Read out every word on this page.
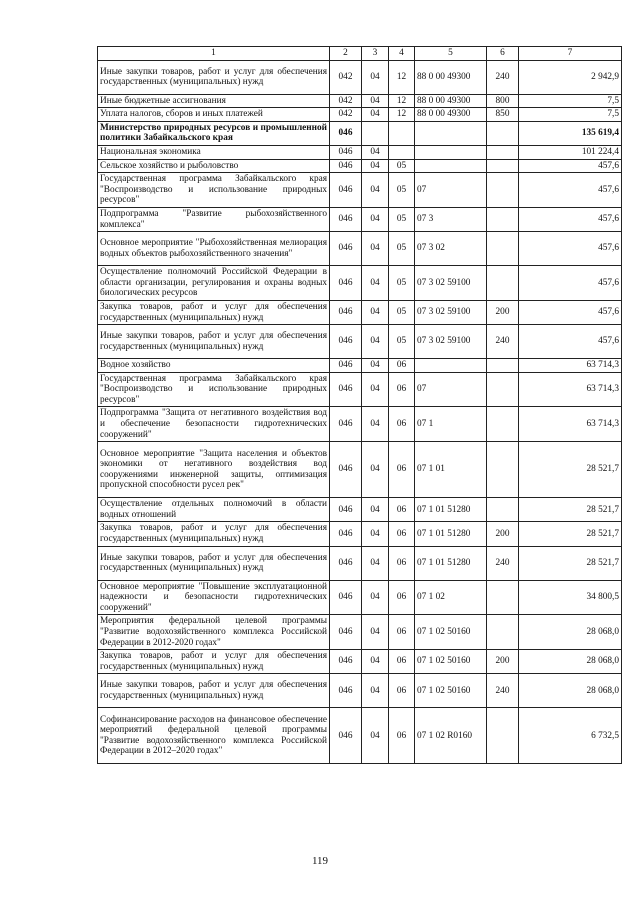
1	2	3	4	5	6	7
Иные закупки товаров, работ и услуг для обеспечения государственных (муниципальных) нужд	042	04	12	88 0 00 49300	240	2 942,9
Иные бюджетные ассигнования	042	04	12	88 0 00 49300	800	7,5
Уплата налогов, сборов и иных платежей	042	04	12	88 0 00 49300	850	7,5
Министерство природных ресурсов и промышленной политики Забайкальского края	046					135 619,4
Национальная экономика	046	04				101 224,4
Сельское хозяйство и рыболовство	046	04	05			457,6
Государственная программа Забайкальского края "Воспроизводство и использование природных ресурсов"	046	04	05	07		457,6
Подпрограмма "Развитие рыбохозяйственного комплекса"	046	04	05	07 3		457,6
Основное мероприятие "Рыбохозяйственная мелиорация водных объектов рыбохозяйственного значения"	046	04	05	07 3 02		457,6
Осуществление полномочий Российской Федерации в области организации, регулирования и охраны водных биологических ресурсов	046	04	05	07 3 02 59100		457,6
Закупка товаров, работ и услуг для обеспечения государственных (муниципальных) нужд	046	04	05	07 3 02 59100	200	457,6
Иные закупки товаров, работ и услуг для обеспечения государственных (муниципальных) нужд	046	04	05	07 3 02 59100	240	457,6
Водное хозяйство	046	04	06			63 714,3
Государственная программа Забайкальского края "Воспроизводство и использование природных ресурсов"	046	04	06	07		63 714,3
Подпрограмма "Защита от негативного воздействия вод и обеспечение безопасности гидротехнических сооружений"	046	04	06	07 1		63 714,3
Основное мероприятие "Защита населения и объектов экономики от негативного воздействия вод сооружениями инженерной защиты, оптимизация пропускной способности русел рек"	046	04	06	07 1 01		28 521,7
Осуществление отдельных полномочий в области водных отношений	046	04	06	07 1 01 51280		28 521,7
Закупка товаров, работ и услуг для обеспечения государственных (муниципальных) нужд	046	04	06	07 1 01 51280	200	28 521,7
Иные закупки товаров, работ и услуг для обеспечения государственных (муниципальных) нужд	046	04	06	07 1 01 51280	240	28 521,7
Основное мероприятие "Повышение эксплуатационной надежности и безопасности гидротехнических сооружений"	046	04	06	07 1 02		34 800,5
Мероприятия федеральной целевой программы "Развитие водохозяйственного комплекса Российской Федерации в 2012-2020 годах"	046	04	06	07 1 02 50160		28 068,0
Закупка товаров, работ и услуг для обеспечения государственных (муниципальных) нужд	046	04	06	07 1 02 50160	200	28 068,0
Иные закупки товаров, работ и услуг для обеспечения государственных (муниципальных) нужд	046	04	06	07 1 02 50160	240	28 068,0
Софинансирование расходов на финансовое обеспечение мероприятий федеральной целевой программы "Развитие водохозяйственного комплекса Российской Федерации в 2012–2020 годах"	046	04	06	07 1 02 R0160		6 732,5
119
